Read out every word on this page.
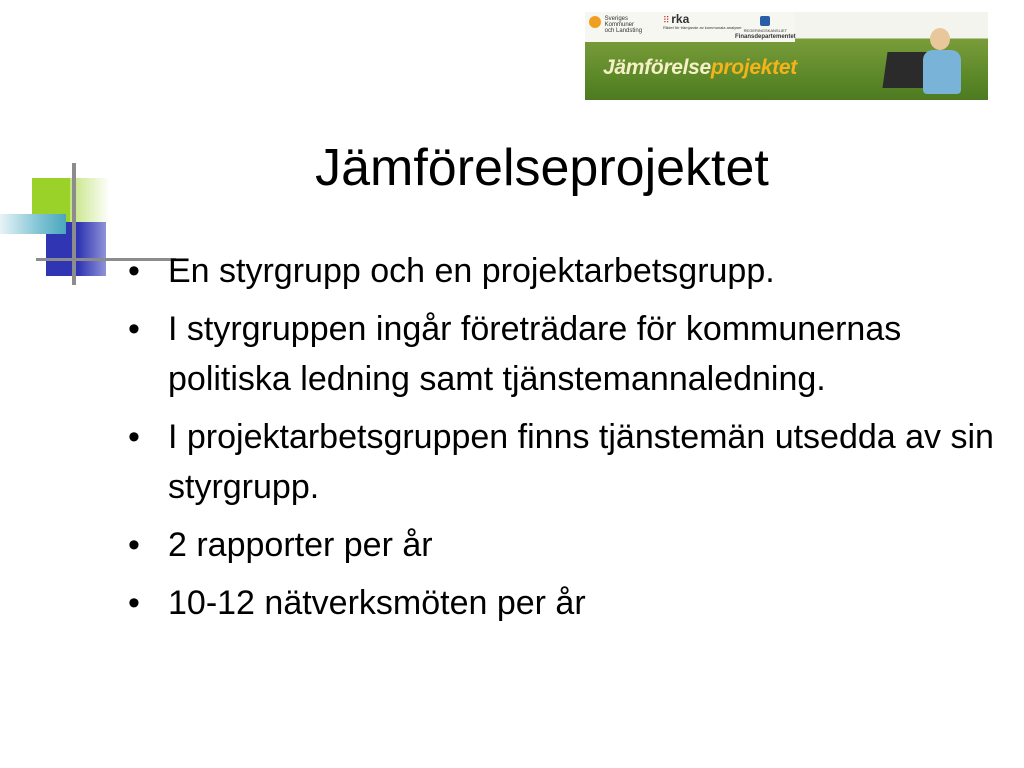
Sveriges
Kommuner
och Landsting
⠿ rka
Rådet för främjande av kommunala analyser
REGERINGSKANSLIET
Finansdepartementet
Jämförelseprojektet
Jämförelseprojektet
• En styrgrupp och en projektarbetsgrupp.
• I styrgruppen ingår företrädare för kommunernas politiska ledning samt tjänstemannaledning.
• I projektarbetsgruppen finns tjänstemän utsedda av sin styrgrupp.
• 2 rapporter per år
• 10-12 nätverksmöten per år
